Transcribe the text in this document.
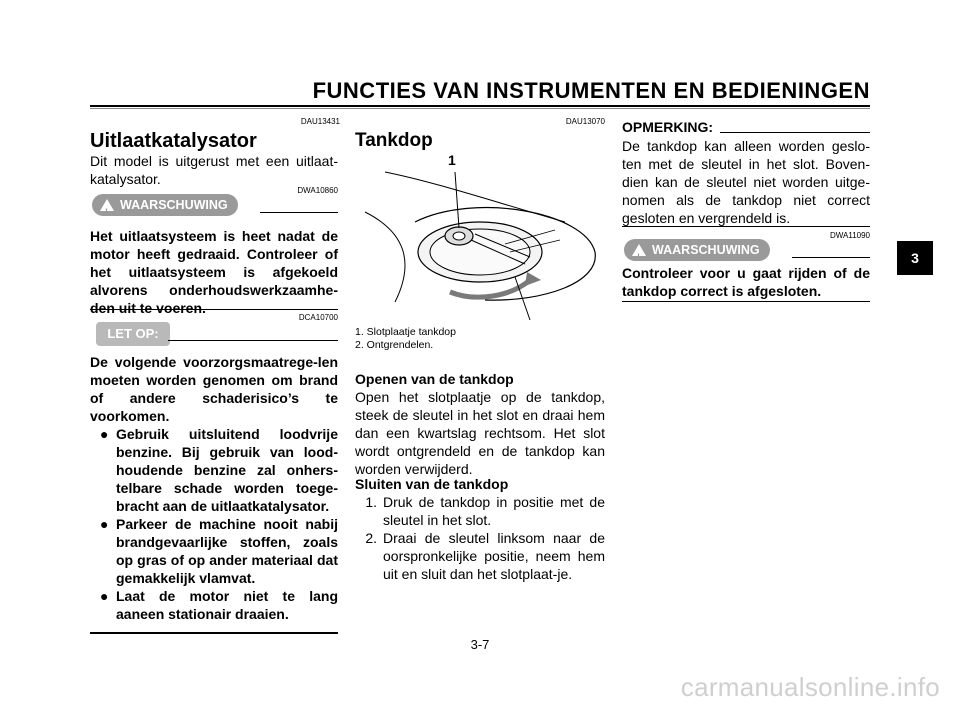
FUNCTIES VAN INSTRUMENTEN EN BEDIENINGEN
DAU13431
Uitlaatkatalysator
Dit model is uitgerust met een uitlaat-katalysator.
DWA10860
! WAARSCHUWING
Het uitlaatsysteem is heet nadat de motor heeft gedraaid. Controleer of het uitlaatsysteem is afgekoeld alvorens onderhoudswerkzaamhe-den uit te voeren.
DCA10700
LET OP:
De volgende voorzorgsmaatrege-len moeten worden genomen om brand of andere schaderisico’s te voorkomen.
● Gebruik uitsluitend loodvrije benzine. Bij gebruik van lood-houdende benzine zal onhers-telbare schade worden toege-bracht aan de uitlaatkatalysator.
● Parkeer de machine nooit nabij brandgevaarlijke stoffen, zoals op gras of op ander materiaal dat gemakkelijk vlamvat.
● Laat de motor niet te lang aaneen stationair draaien.
DAU13070
Tankdop
1
1. Slotplaatje tankdop
2. Ontgrendelen.
Openen van de tankdop
Open het slotplaatje op de tankdop, steek de sleutel in het slot en draai hem dan een kwartslag rechtsom. Het slot wordt ontgrendeld en de tankdop kan worden verwijderd.
Sluiten van de tankdop
1. Druk de tankdop in positie met de sleutel in het slot.
2. Draai de sleutel linksom naar de oorspronkelijke positie, neem hem uit en sluit dan het slotplaat-je.
OPMERKING:
De tankdop kan alleen worden geslo-ten met de sleutel in het slot. Boven-dien kan de sleutel niet worden uitge-nomen als de tankdop niet correct gesloten en vergrendeld is.
DWA11090
! WAARSCHUWING
Controleer voor u gaat rijden of de tankdop correct is afgesloten.
3
3-7
carmanualsonline.info
